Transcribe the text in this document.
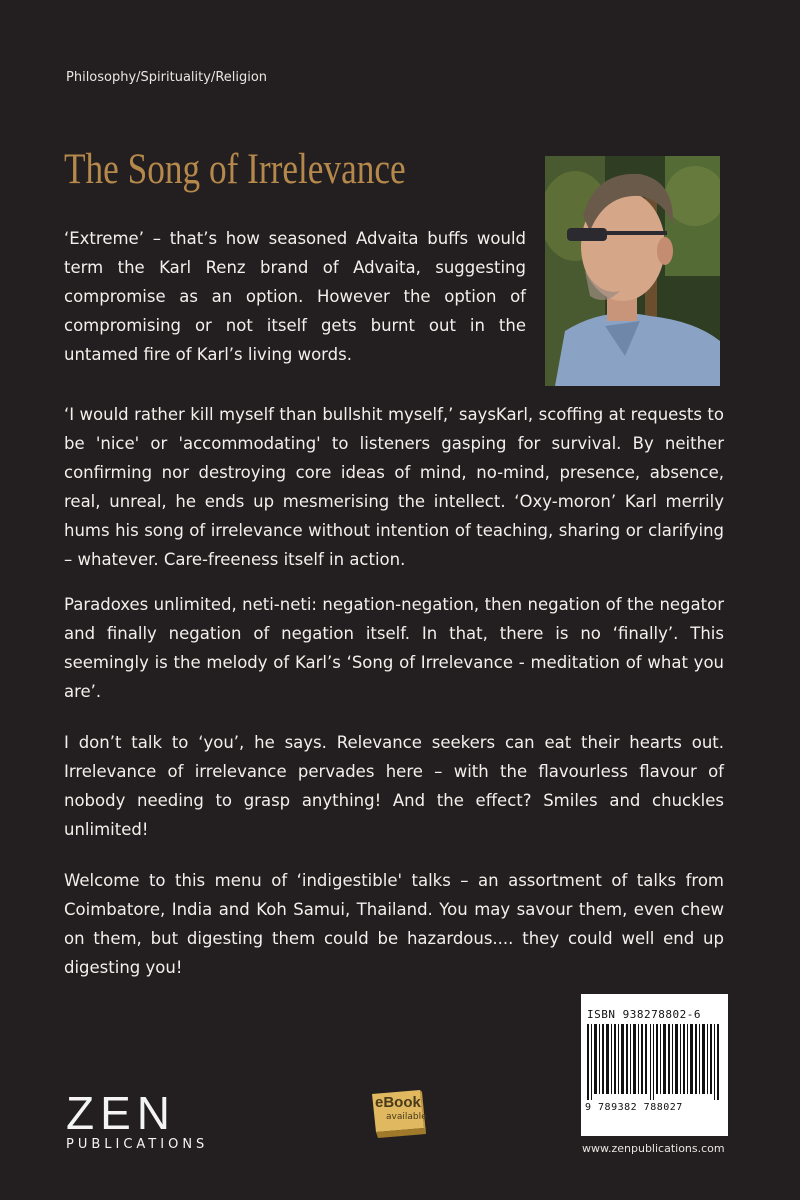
Philosophy/Spirituality/Religion
The Song of Irrelevance

‘Extreme’ – that’s how seasoned Advaita buffs would term the Karl Renz brand of Advaita, suggesting compromise as an option. However the option of compromising or not itself gets burnt out in the untamed fire of Karl’s living words.

‘I would rather kill myself than bullshit myself,’ saysKarl, scoffing at requests to be 'nice' or 'accommodating' to listeners gasping for survival. By neither confirming nor destroying core ideas of mind, no-mind, presence, absence, real, unreal, he ends up mesmerising the intellect. ‘Oxy-moron’ Karl merrily hums his song of irrelevance without intention of teaching, sharing or clarifying – whatever. Care-freeness itself in action.

Paradoxes unlimited, neti-neti: negation-negation, then negation of the negator and finally negation of negation itself. In that, there is no ‘finally’. This seemingly is the melody of Karl’s ‘Song of Irrelevance - meditation of what you are’.

I don’t talk to ‘you’, he says. Relevance seekers can eat their hearts out. Irrelevance of irrelevance pervades here – with the flavourless flavour of nobody needing to grasp anything! And the effect? Smiles and chuckles unlimited!

Welcome to this menu of ‘indigestible' talks – an assortment of talks from Coimbatore, India and Koh Samui, Thailand. You may savour them, even chew on them, but digesting them could be hazardous.... they could well end up digesting you!

ISBN 938278802-6
9 789382 788027
www.zenpublications.com
ZEN
PUBLICATIONS
eBook
available
